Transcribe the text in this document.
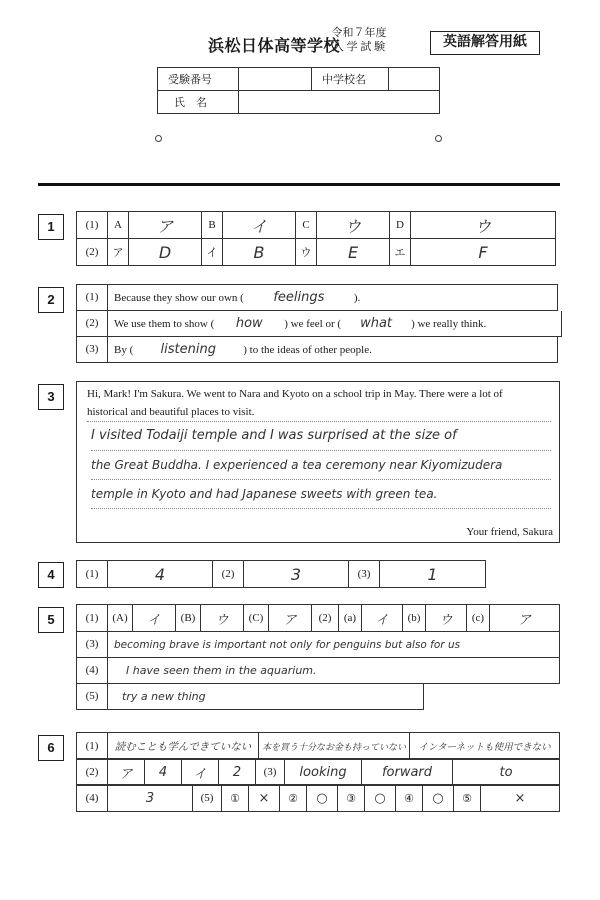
浜松日体高等学校
令和７年度
入 学 試 験	英語解答用紙
受験番号		中学校名	
氏　名			
1	(1)	A	ア	B	イ	C	ウ	D	ウ
(2)	ア	D	イ	B	ウ	E	エ	F
2	(1)	Because they show our own (	feelings	).
(2)	We use them to show (	how	) we feel or (	what	) we really think.
(3)	By (	listening	) to the ideas of other people.
3	Hi, Mark! I'm Sakura. We went to Nara and Kyoto on a school trip in May. There were a lot of
historical and beautiful places to visit.
I visited Todaiji temple and I was surprised at the size of
the Great Buddha. I experienced a tea ceremony near Kiyomizudera
temple in Kyoto and had Japanese sweets with green tea.
Your friend, Sakura
4	(1)	4	(2)	3	(3)	1
5	(1)	(A)	イ	(B)	ウ	(C)	ア	(2)	(a)	イ	(b)	ウ	(c)	ア
(3)	becoming brave is important not only for penguins but also for us
(4)	I have seen them in the aquarium.
(5)	try a new thing
6	(1)	読むことも学んできていない	本を買う十分なお金も持っていない	インターネットも使用できない
(2)	ア	4	イ	2	(3)	looking	forward	to
(4)	3	(5)	①	×	②	○	③	○	④	○	⑤	×
